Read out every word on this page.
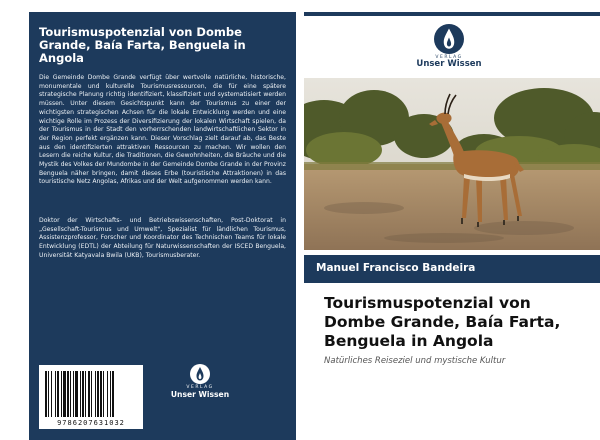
Tourismuspotenzial von Dombe Grande, Baía Farta, Benguela in Angola
Die Gemeinde Dombe Grande verfügt über wertvolle natürliche, historische, monumentale und kulturelle Tourismusressourcen, die für eine spätere strategische Planung richtig identifiziert, klassifiziert und systematisiert werden müssen. Unter diesem Gesichtspunkt kann der Tourismus zu einer der wichtigsten strategischen Achsen für die lokale Entwicklung werden und eine wichtige Rolle im Prozess der Diversifizierung der lokalen Wirtschaft spielen, da der Tourismus in der Stadt den vorherrschenden landwirtschaftlichen Sektor in der Region perfekt ergänzen kann. Dieser Vorschlag zielt darauf ab, das Beste aus den identifizierten attraktiven Ressourcen zu machen. Wir wollen den Lesern die reiche Kultur, die Traditionen, die Gewohnheiten, die Bräuche und die Mystik des Volkes der Mundombe in der Gemeinde Dombe Grande in der Provinz Benguela näher bringen, damit dieses Erbe (touristische Attraktionen) in das touristische Netz Angolas, Afrikas und der Welt aufgenommen werden kann.
Doktor der Wirtschafts- und Betriebswissenschaften, Post-Doktorat in „Gesellschaft-Tourismus und Umwelt", Spezialist für ländlichen Tourismus, Assistenzprofessor, Forscher und Koordinator des Technischen Teams für lokale Entwicklung (EDTL) der Abteilung für Naturwissenschaften der ISCED Benguela, Universität Katyavala Bwila (UKB), Tourismusberater.
9786207631032
VERLAG
Unser Wissen
VERLAG
Unser Wissen
Manuel Francisco Bandeira
Tourismuspotenzial von Dombe Grande, Baía Farta, Benguela in Angola
Natürliches Reiseziel und mystische Kultur
